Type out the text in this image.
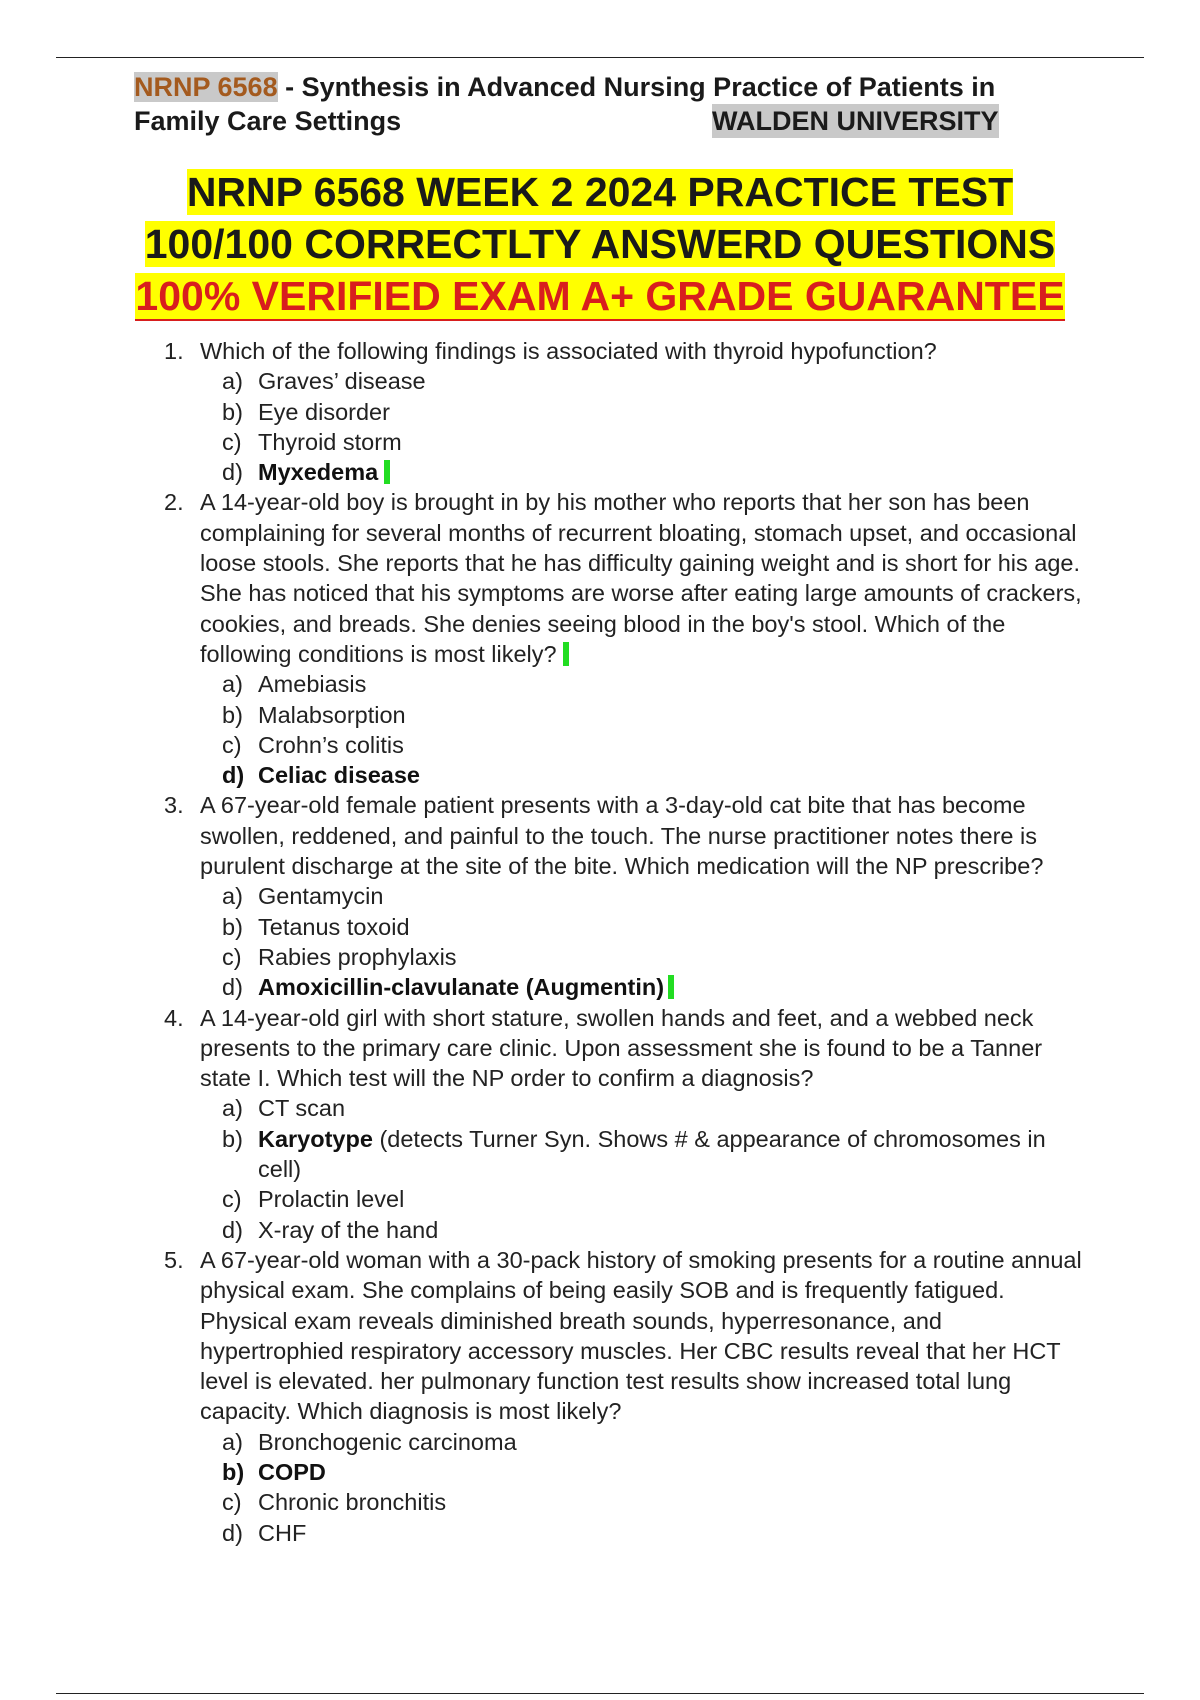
NRNP 6568 - Synthesis in Advanced Nursing Practice of Patients in
Family Care Settings	WALDEN UNIVERSITY
NRNP 6568 WEEK 2 2024 PRACTICE TEST
100/100 CORRECTLTY ANSWERD QUESTIONS
100% VERIFIED EXAM A+ GRADE GUARANTEE
1. Which of the following findings is associated with thyroid hypofunction?
a) Graves’ disease
b) Eye disorder
c) Thyroid storm
d) Myxedema
2. A 14-year-old boy is brought in by his mother who reports that her son has been complaining for several months of recurrent bloating, stomach upset, and occasional loose stools. She reports that he has difficulty gaining weight and is short for his age. She has noticed that his symptoms are worse after eating large amounts of crackers, cookies, and breads. She denies seeing blood in the boy's stool. Which of the following conditions is most likely?
a) Amebiasis
b) Malabsorption
c) Crohn’s colitis
d) Celiac disease
3. A 67-year-old female patient presents with a 3-day-old cat bite that has become swollen, reddened, and painful to the touch. The nurse practitioner notes there is purulent discharge at the site of the bite. Which medication will the NP prescribe?
a) Gentamycin
b) Tetanus toxoid
c) Rabies prophylaxis
d) Amoxicillin-clavulanate (Augmentin)
4. A 14-year-old girl with short stature, swollen hands and feet, and a webbed neck presents to the primary care clinic. Upon assessment she is found to be a Tanner state I. Which test will the NP order to confirm a diagnosis?
a) CT scan
b) Karyotype (detects Turner Syn. Shows # & appearance of chromosomes in cell)
c) Prolactin level
d) X-ray of the hand
5. A 67-year-old woman with a 30-pack history of smoking presents for a routine annual physical exam. She complains of being easily SOB and is frequently fatigued. Physical exam reveals diminished breath sounds, hyperresonance, and hypertrophied respiratory accessory muscles. Her CBC results reveal that her HCT level is elevated. her pulmonary function test results show increased total lung capacity. Which diagnosis is most likely?
a) Bronchogenic carcinoma
b) COPD
c) Chronic bronchitis
d) CHF
